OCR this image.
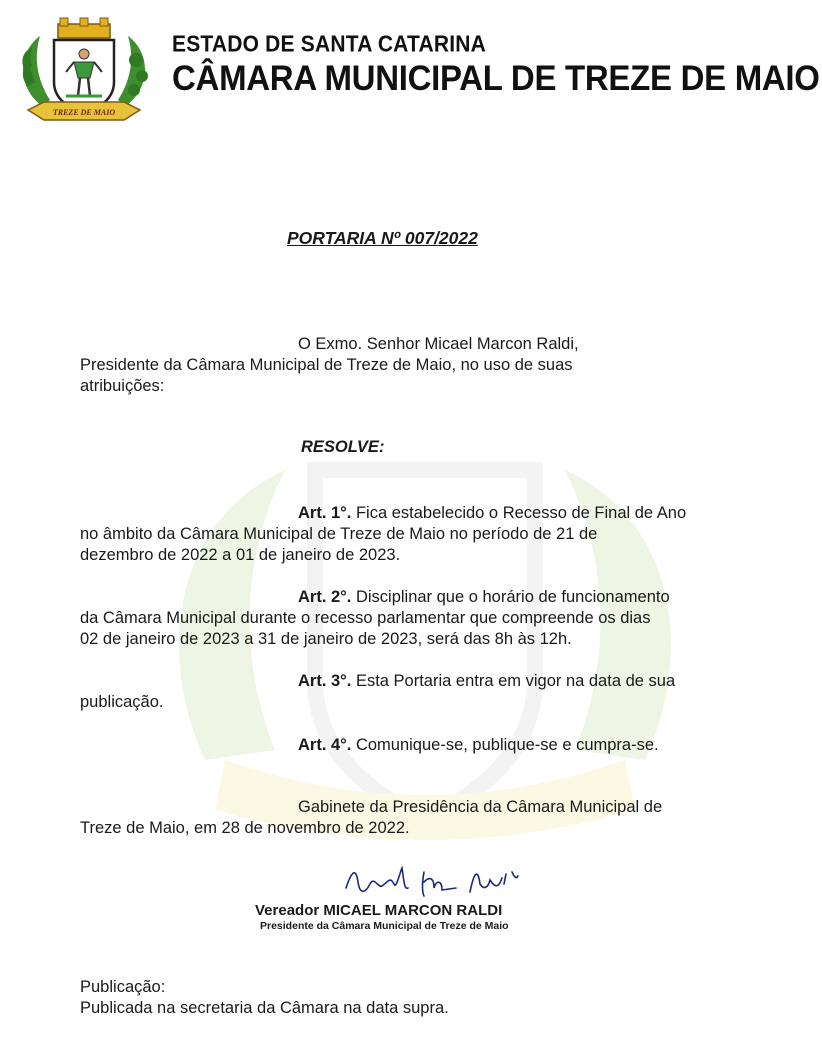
TREZE DE MAIO
ESTADO DE SANTA CATARINA
CÂMARA MUNICIPAL DE TREZE DE MAIO
PORTARIA Nº 007/2022
O Exmo. Senhor Micael Marcon Raldi,
Presidente da Câmara Municipal de Treze de Maio, no uso de suas
atribuições:
RESOLVE:
Art. 1°. Fica estabelecido o Recesso de Final de Ano
no âmbito da Câmara Municipal de Treze de Maio no período de 21 de
dezembro de 2022 a 01 de janeiro de 2023.
Art. 2°. Disciplinar que o horário de funcionamento
da Câmara Municipal durante o recesso parlamentar que compreende os dias
02 de janeiro de 2023 a 31 de janeiro de 2023, será das 8h às 12h.
Art. 3°. Esta Portaria entra em vigor na data de sua
publicação.
Art. 4°. Comunique-se, publique-se e cumpra-se.
Gabinete da Presidência da Câmara Municipal de
Treze de Maio, em 28 de novembro de 2022.
Vereador MICAEL MARCON RALDI
Presidente da Câmara Municipal de Treze de Maio
Publicação:
Publicada na secretaria da Câmara na data supra.
